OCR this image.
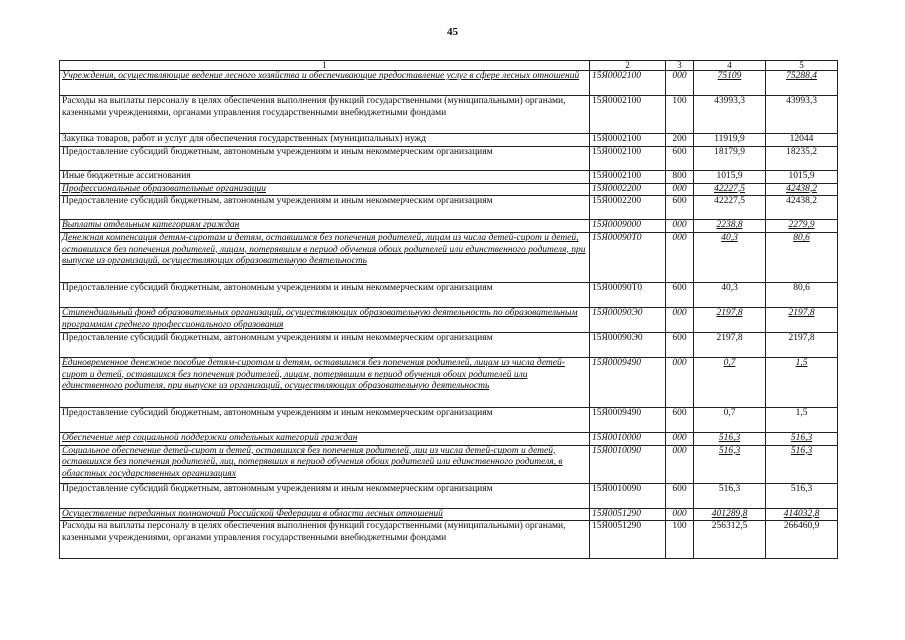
45
1	2	3	4	5
Учреждения, осуществляющие ведение лесного хозяйства и обеспечивающие предоставление услуг в сфере лесных отношений	15Я0002100	000	75109	75288,4
Расходы на выплаты персоналу в целях обеспечения выполнения функций государственными (муниципальными) органами, казенными учреждениями, органами управления государственными внебюджетными фондами	15Я0002100	100	43993,3	43993,3
Закупка товаров, работ и услуг для обеспечения государственных (муниципальных) нужд	15Я0002100	200	11919,9	12044
Предоставление субсидий бюджетным, автономным учреждениям и иным некоммерческим организациям	15Я0002100	600	18179,9	18235,2
Иные бюджетные ассигнования	15Я0002100	800	1015,9	1015,9
Профессиональные образовательные организации	15Я0002200	000	42227,5	42438,2
Предоставление субсидий бюджетным, автономным учреждениям и иным некоммерческим организациям	15Я0002200	600	42227,5	42438,2
Выплаты отдельным категориям граждан	15Я0009000	000	2238,8	2279,9
Денежная компенсация детям-сиротам и детям, оставшимся без попечения родителей, лицам из числа детей-сирот и детей, оставшихся без попечения родителей, лицам, потерявшим в период обучения обоих родителей или единственного родителя, при выпуске из организаций, осуществляющих образовательную деятельность	15Я00090Т0	000	40,3	80,6
Предоставление субсидий бюджетным, автономным учреждениям и иным некоммерческим организациям	15Я00090Т0	600	40,3	80,6
Стипендиальный фонд образовательных организаций, осуществляющих образовательную деятельность по образовательным программам среднего профессионального образования	15Я00090Э0	000	2197,8	2197,8
Предоставление субсидий бюджетным, автономным учреждениям и иным некоммерческим организациям	15Я00090Э0	600	2197,8	2197,8
Единовременное денежное пособие детям-сиротам и детям, оставшимся без попечения родителей, лицам из числа детей-сирот и детей, оставшихся без попечения родителей, лицам, потерявшим в период обучения обоих родителей или единственного родителя, при выпуске из организаций, осуществляющих образовательную деятельность	15Я0009490	000	0,7	1,5
Предоставление субсидий бюджетным, автономным учреждениям и иным некоммерческим организациям	15Я0009490	600	0,7	1,5
Обеспечение мер социальной поддержки отдельных категорий граждан	15Я0010000	000	516,3	516,3
Социальное обеспечение детей-сирот и детей, оставшихся без попечения родителей, лиц из числа детей-сирот и детей, оставшихся без попечения родителей, лиц, потерявших в период обучения обоих родителей или единственного родителя, в областных государственных организациях	15Я0010090	000	516,3	516,3
Предоставление субсидий бюджетным, автономным учреждениям и иным некоммерческим организациям	15Я0010090	600	516,3	516,3
Осуществление переданных полномочий Российской Федерации в области лесных отношений	15Я0051290	000	401289,8	414032,8
Расходы на выплаты персоналу в целях обеспечения выполнения функций государственными (муниципальными) органами, казенными учреждениями, органами управления государственными внебюджетными фондами	15Я0051290	100	256312,5	266460,9
